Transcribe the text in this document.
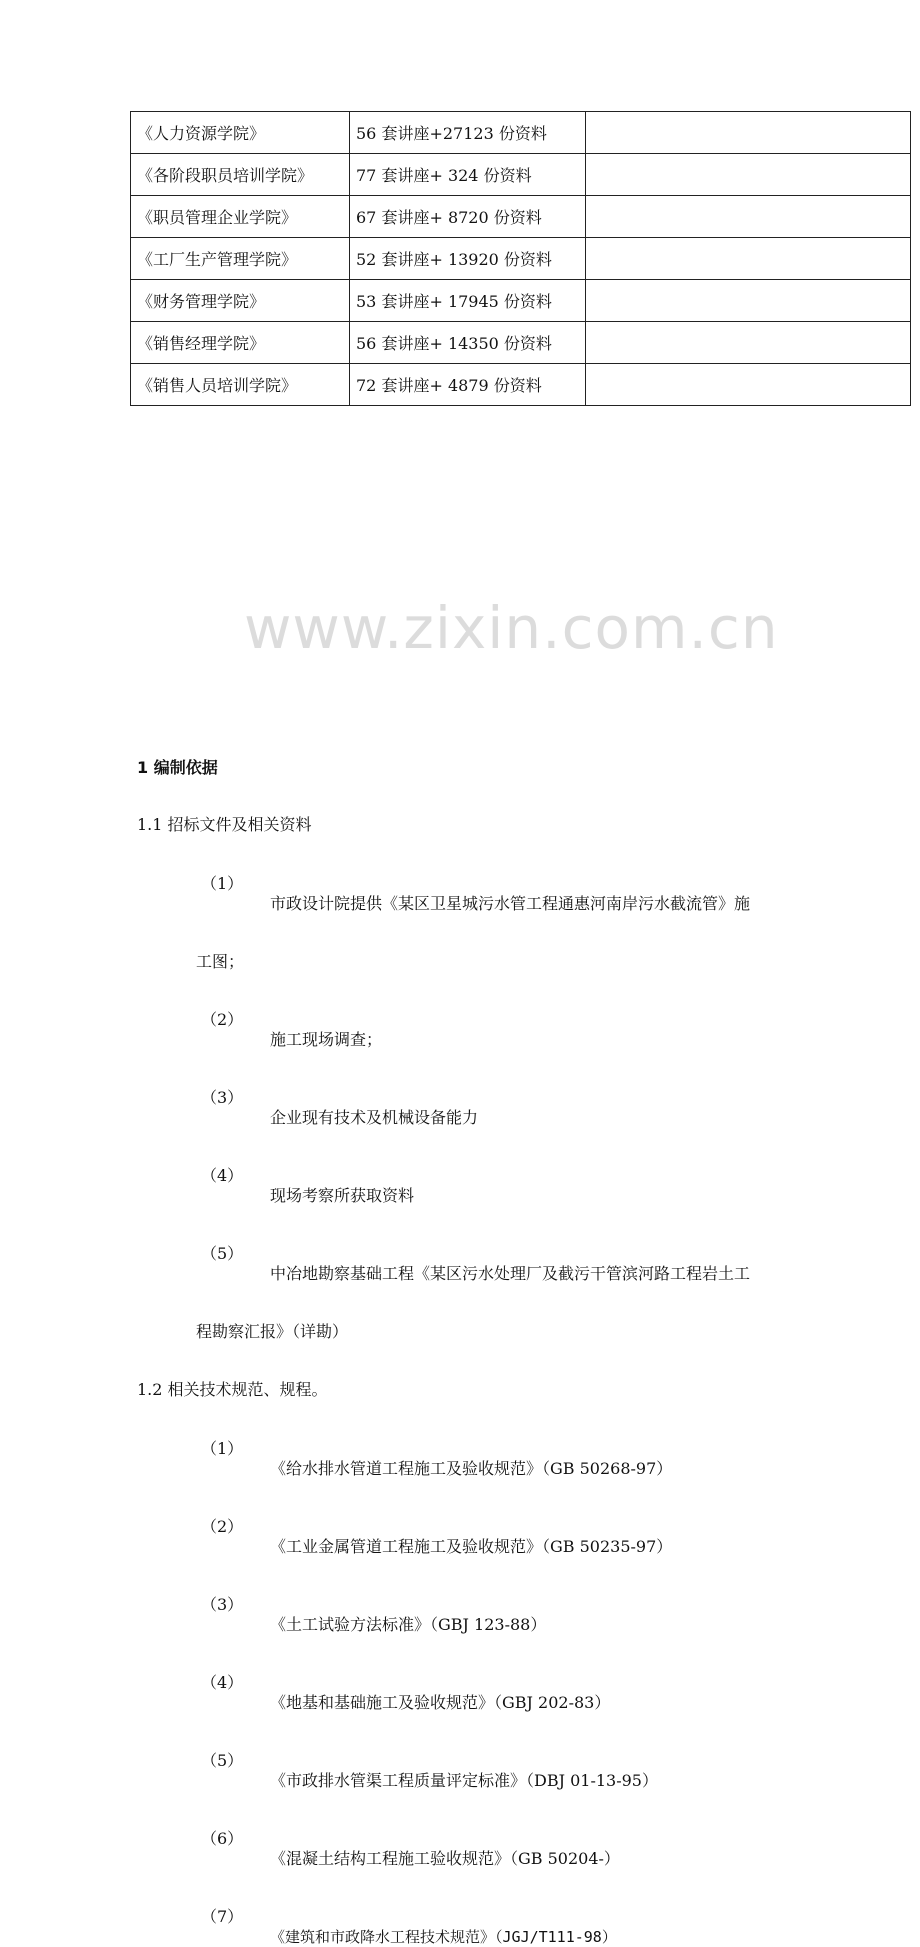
www.zixin.com.cn
《人力资源学院》	56 套讲座+27123 份资料	
《各阶段职员培训学院》	77 套讲座+ 324 份资料	
《职员管理企业学院》	67 套讲座+ 8720 份资料	
《工厂生产管理学院》	52 套讲座+ 13920 份资料	
《财务管理学院》	53 套讲座+ 17945 份资料	
《销售经理学院》	56 套讲座+ 14350 份资料	
《销售人员培训学院》	72 套讲座+ 4879 份资料	
1 编制依据
1.1 招标文件及相关资料
（1）
市政设计院提供《某区卫星城污水管工程通惠河南岸污水截流管》施
工图；
（2）
施工现场调查；
（3）
企业现有技术及机械设备能力
（4）
现场考察所获取资料
（5）
中冶地勘察基础工程《某区污水处理厂及截污干管滨河路工程岩土工
程勘察汇报》（详勘）
1.2 相关技术规范、规程。
（1）
《给水排水管道工程施工及验收规范》（GB 50268-97）
（2）
《工业金属管道工程施工及验收规范》（GB 50235-97）
（3）
《土工试验方法标准》（GBJ 123-88）
（4）
《地基和基础施工及验收规范》（GBJ 202-83）
（5）
《市政排水管渠工程质量评定标准》（DBJ 01-13-95）
（6）
《混凝土结构工程施工验收规范》（GB 50204-）
（7）
《建筑和市政降水工程技术规范》（JGJ/T111-98）
